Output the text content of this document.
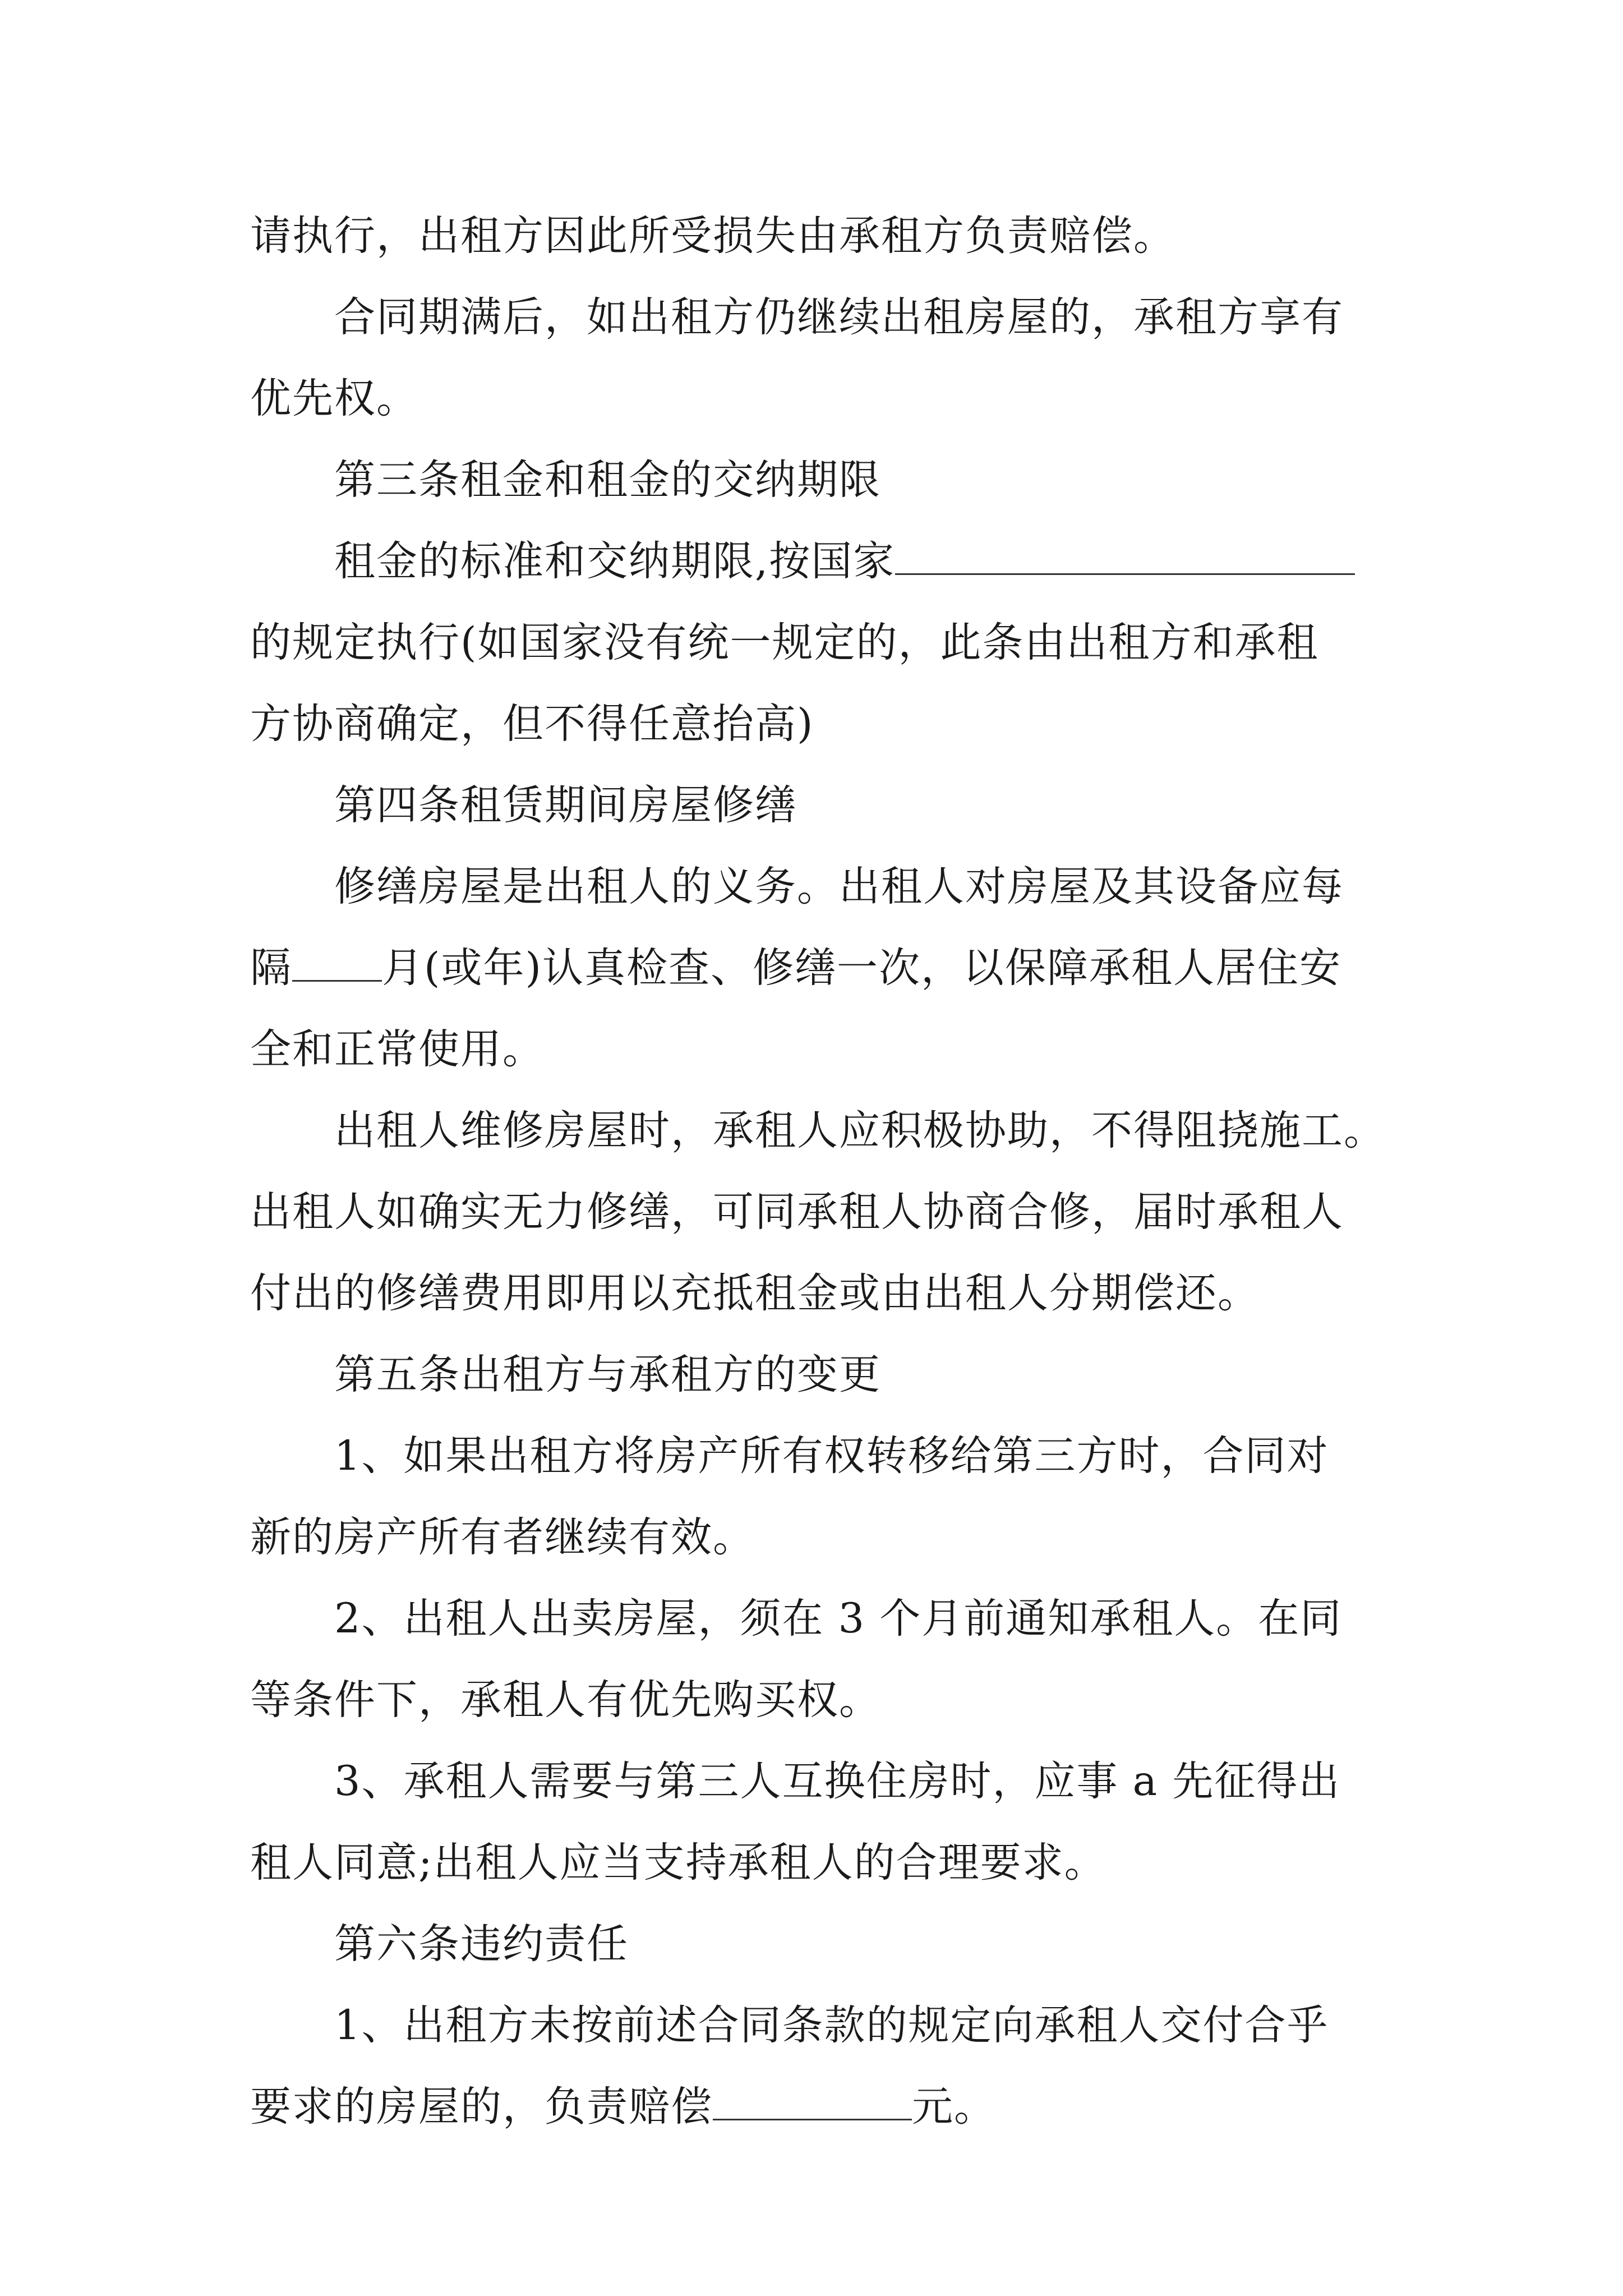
请执行，出租方因此所受损失由承租方负责赔偿。
合同期满后，如出租方仍继续出租房屋的，承租方享有
优先权。
第三条租金和租金的交纳期限
租金的标准和交纳期限,按国家
的规定执行(如国家没有统一规定的，此条由出租方和承租
方协商确定，但不得任意抬高)
第四条租赁期间房屋修缮
修缮房屋是出租人的义务。出租人对房屋及其设备应每
隔 月(或年)认真检查、修缮一次，以保障承租人居住安
全和正常使用。
出租人维修房屋时，承租人应积极协助，不得阻挠施工。
出租人如确实无力修缮，可同承租人协商合修，届时承租人
付出的修缮费用即用以充抵租金或由出租人分期偿还。
第五条出租方与承租方的变更
1、如果出租方将房产所有权转移给第三方时，合同对
新的房产所有者继续有效。
2、出租人出卖房屋，须在 3 个月前通知承租人。在同
等条件下，承租人有优先购买权。
3、承租人需要与第三人互换住房时，应事 a 先征得出
租人同意;出租人应当支持承租人的合理要求。
第六条违约责任
1、出租方未按前述合同条款的规定向承租人交付合乎
要求的房屋的，负责赔偿	元。
